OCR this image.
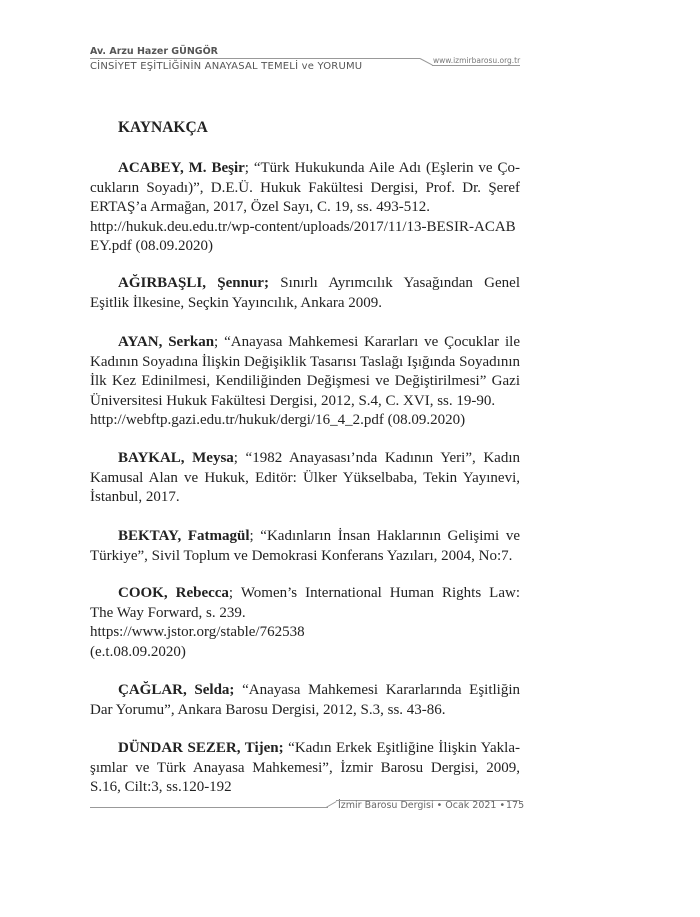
Av. Arzu Hazer GÜNGÖR
CİNSİYET EŞİTLİĞİNİN ANAYASAL TEMELİ ve YORUMU
www.izmirbarosu.org.tr
KAYNAKÇA
ACABEY, M. Beşir; “Türk Hukukunda Aile Adı (Eşlerin ve Çocukların Soyadı)”, D.E.Ü. Hukuk Fakültesi Dergisi, Prof. Dr. Şeref ERTAŞ’a Armağan, 2017, Özel Sayı, C. 19, ss. 493-512.
http://hukuk.deu.edu.tr/wp-content/uploads/2017/11/13-BESIR-ACABEY.pdf (08.09.2020)
AĞIRBAŞLI, Şennur; Sınırlı Ayrımcılık Yasağından Genel Eşitlik İlkesine, Seçkin Yayıncılık, Ankara 2009.
AYAN, Serkan; “Anayasa Mahkemesi Kararları ve Çocuklar ile Kadının Soyadına İlişkin Değişiklik Tasarısı Taslağı Işığında Soyadının İlk Kez Edinilmesi, Kendiliğinden Değişmesi ve Değiştirilmesi” Gazi Üniversitesi Hukuk Fakültesi Dergisi, 2012, S.4, C. XVI, ss. 19-90.
http://webftp.gazi.edu.tr/hukuk/dergi/16_4_2.pdf (08.09.2020)
BAYKAL, Meysa; “1982 Anayasası’nda Kadının Yeri”, Kadın Kamusal Alan ve Hukuk, Editör: Ülker Yükselbaba, Tekin Yayınevi, İstanbul, 2017.
BEKTAY, Fatmagül; “Kadınların İnsan Haklarının Gelişimi ve Türkiye”, Sivil Toplum ve Demokrasi Konferans Yazıları, 2004, No:7.
COOK, Rebecca; Women’s International Human Rights Law: The Way Forward, s. 239.
https://www.jstor.org/stable/762538
(e.t.08.09.2020)
ÇAĞLAR, Selda; “Anayasa Mahkemesi Kararlarında Eşitliğin Dar Yorumu”, Ankara Barosu Dergisi, 2012, S.3, ss. 43-86.
DÜNDAR SEZER, Tijen; “Kadın Erkek Eşitliğine İlişkin Yaklaşımlar ve Türk Anayasa Mahkemesi”, İzmir Barosu Dergisi, 2009, S.16, Cilt:3, ss.120-192
İzmir Barosu Dergisi • Ocak 2021 • 175
